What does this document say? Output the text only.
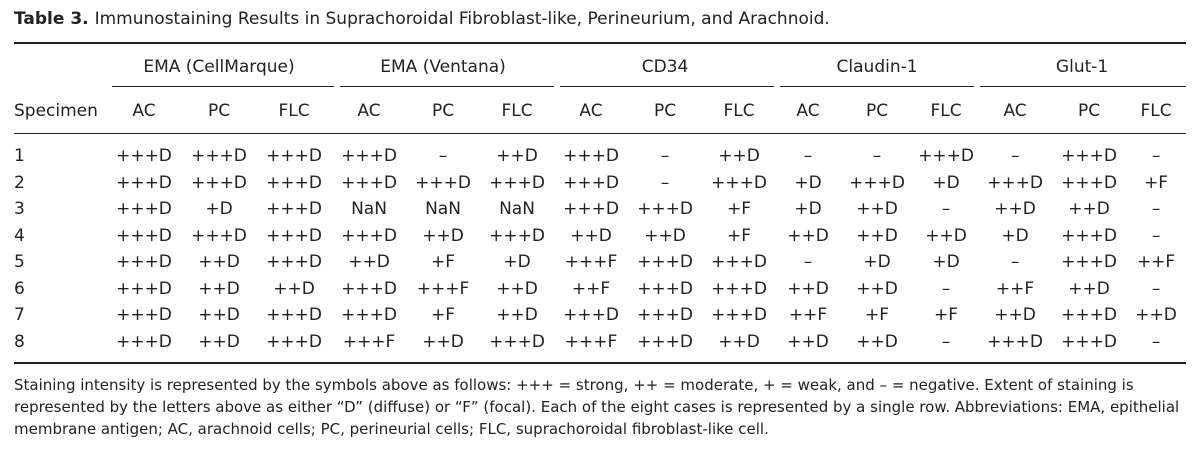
Table 3. Immunostaining Results in Suprachoroidal Fibroblast-like, Perineurium, and Arachnoid.
	EMA (CellMarque)			EMA (Ventana)			CD34			Claudin-1			Glut-1		
Specimen	AC	PC	FLC	AC	PC	FLC	AC	PC	FLC	AC	PC	FLC	AC	PC	FLC
1	+++D	+++D	+++D	+++D	–	++D	+++D	–	++D	–	–	+++D	–	+++D	–
2	+++D	+++D	+++D	+++D	+++D	+++D	+++D	–	+++D	+D	+++D	+D	+++D	+++D	+F
3	+++D	+D	+++D	NaN	NaN	NaN	+++D	+++D	+F	+D	++D	–	++D	++D	–
4	+++D	+++D	+++D	+++D	++D	+++D	++D	++D	+F	++D	++D	++D	+D	+++D	–
5	+++D	++D	+++D	++D	+F	+D	+++F	+++D	+++D	–	+D	+D	–	+++D	++F
6	+++D	++D	++D	+++D	+++F	++D	++F	+++D	+++D	++D	++D	–	++F	++D	–
7	+++D	++D	+++D	+++D	+F	++D	+++D	+++D	+++D	++F	+F	+F	++D	+++D	++D
8	+++D	++D	+++D	+++F	++D	+++D	+++F	+++D	++D	++D	++D	–	+++D	+++D	–
Staining intensity is represented by the symbols above as follows: +++ = strong, ++ = moderate, + = weak, and – = negative. Extent of staining is represented by the letters above as either “D” (diffuse) or “F” (focal). Each of the eight cases is represented by a single row. Abbreviations: EMA, epithelial membrane antigen; AC, arachnoid cells; PC, perineurial cells; FLC, suprachoroidal fibroblast-like cell.
